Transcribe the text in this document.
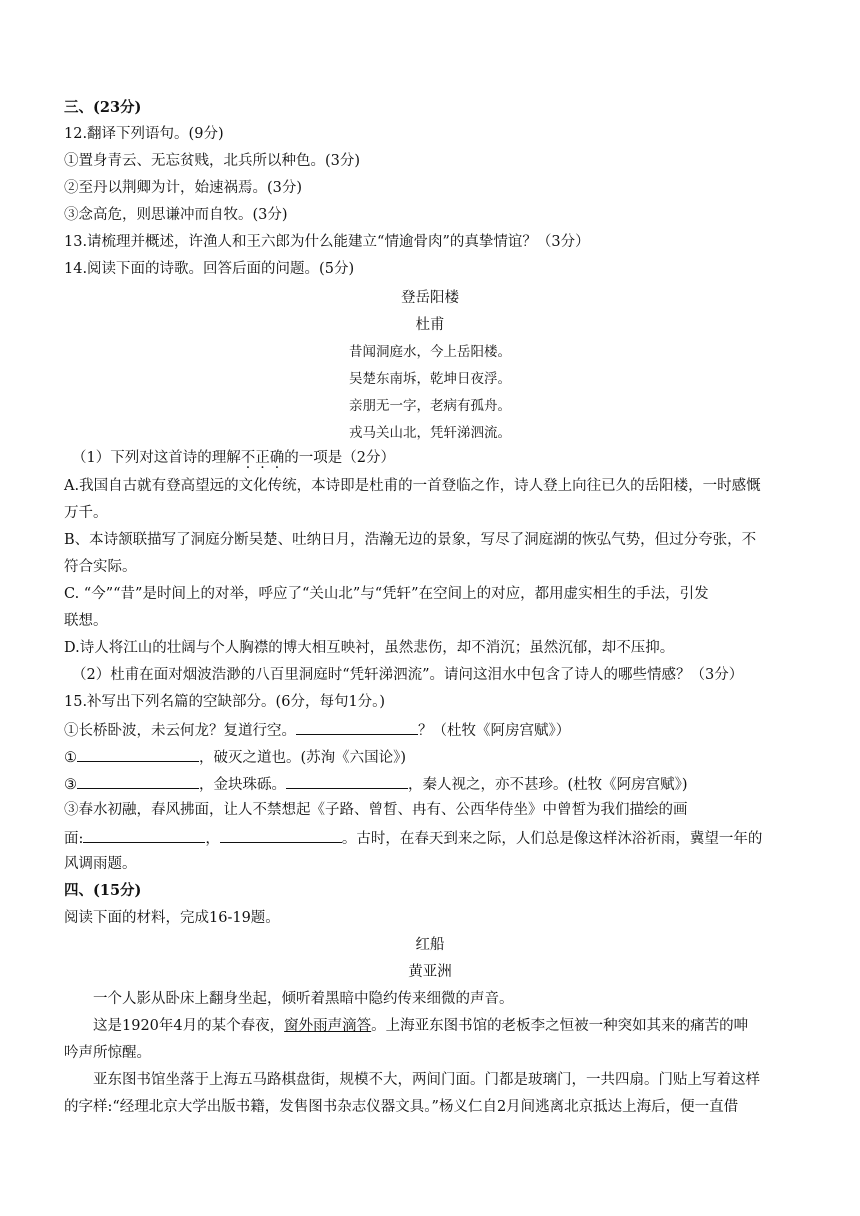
三、(23分)
12.翻译下列语句。(9分)
①置身青云、无忘贫贱，北兵所以种色。(3分)
②至丹以荆卿为计，始速祸焉。(3分)
③念高危，则思谦冲而自牧。(3分)
13.请梳理并概述，许渔人和王六郎为什么能建立“情逾骨肉”的真挚情谊？（3分）
14.阅读下面的诗歌。回答后面的问题。(5分)
登岳阳楼
杜甫
昔闻洞庭水，今上岳阳楼。
吴楚东南坼，乾坤日夜浮。
亲朋无一字，老病有孤舟。
戎马关山北，凭轩涕泗流。
（1）下列对这首诗的理解不正确的一项是（2分）
A.我国自古就有登高望远的文化传统，本诗即是杜甫的一首登临之作，诗人登上向往已久的岳阳楼，一时感慨
万千。
B、本诗颔联描写了洞庭分断吴楚、吐纳日月，浩瀚无边的景象，写尽了洞庭湖的恢弘气势，但过分夸张，不
符合实际。
C. “今”“昔”是时间上的对举，呼应了“关山北”与“凭轩”在空间上的对应，都用虚实相生的手法，引发
联想。
D.诗人将江山的壮阔与个人胸襟的博大相互映衬，虽然悲伤，却不消沉；虽然沉郁，却不压抑。
（2）杜甫在面对烟波浩渺的八百里洞庭时“凭轩涕泗流”。请问这泪水中包含了诗人的哪些情感？（3分）
15.补写出下列名篇的空缺部分。(6分，每句1分。)
①长桥卧波，未云何龙？复道行空。	？（杜牧《阿房宫赋》）
①	，破灭之道也。(苏洵《六国论》)
③	，金块珠砾。	，秦人视之，亦不甚珍。(杜牧《阿房宫赋》)
③春水初融，春风拂面，让人不禁想起《子路、曾晳、冉有、公西华侍坐》中曾皙为我们描绘的画
面:	，	。古时，在春天到来之际，人们总是像这样沐浴祈雨，冀望一年的
风调雨题。
四、(15分)
阅读下面的材料，完成16-19题。
红船
黄亚洲
一个人影从卧床上翻身坐起，倾听着黑暗中隐约传来细微的声音。
这是1920年4月的某个春夜，窗外雨声滴答。上海亚东图书馆的老板李之恒被一种突如其来的痛苦的呻
吟声所惊醒。
亚东图书馆坐落于上海五马路棋盘街，规模不大，两间门面。门都是玻璃门，一共四扇。门贴上写着这样
的字样:“经理北京大学出版书籍，发售图书杂志仪器文具。”杨义仁自2月间逃离北京抵达上海后，便一直借
